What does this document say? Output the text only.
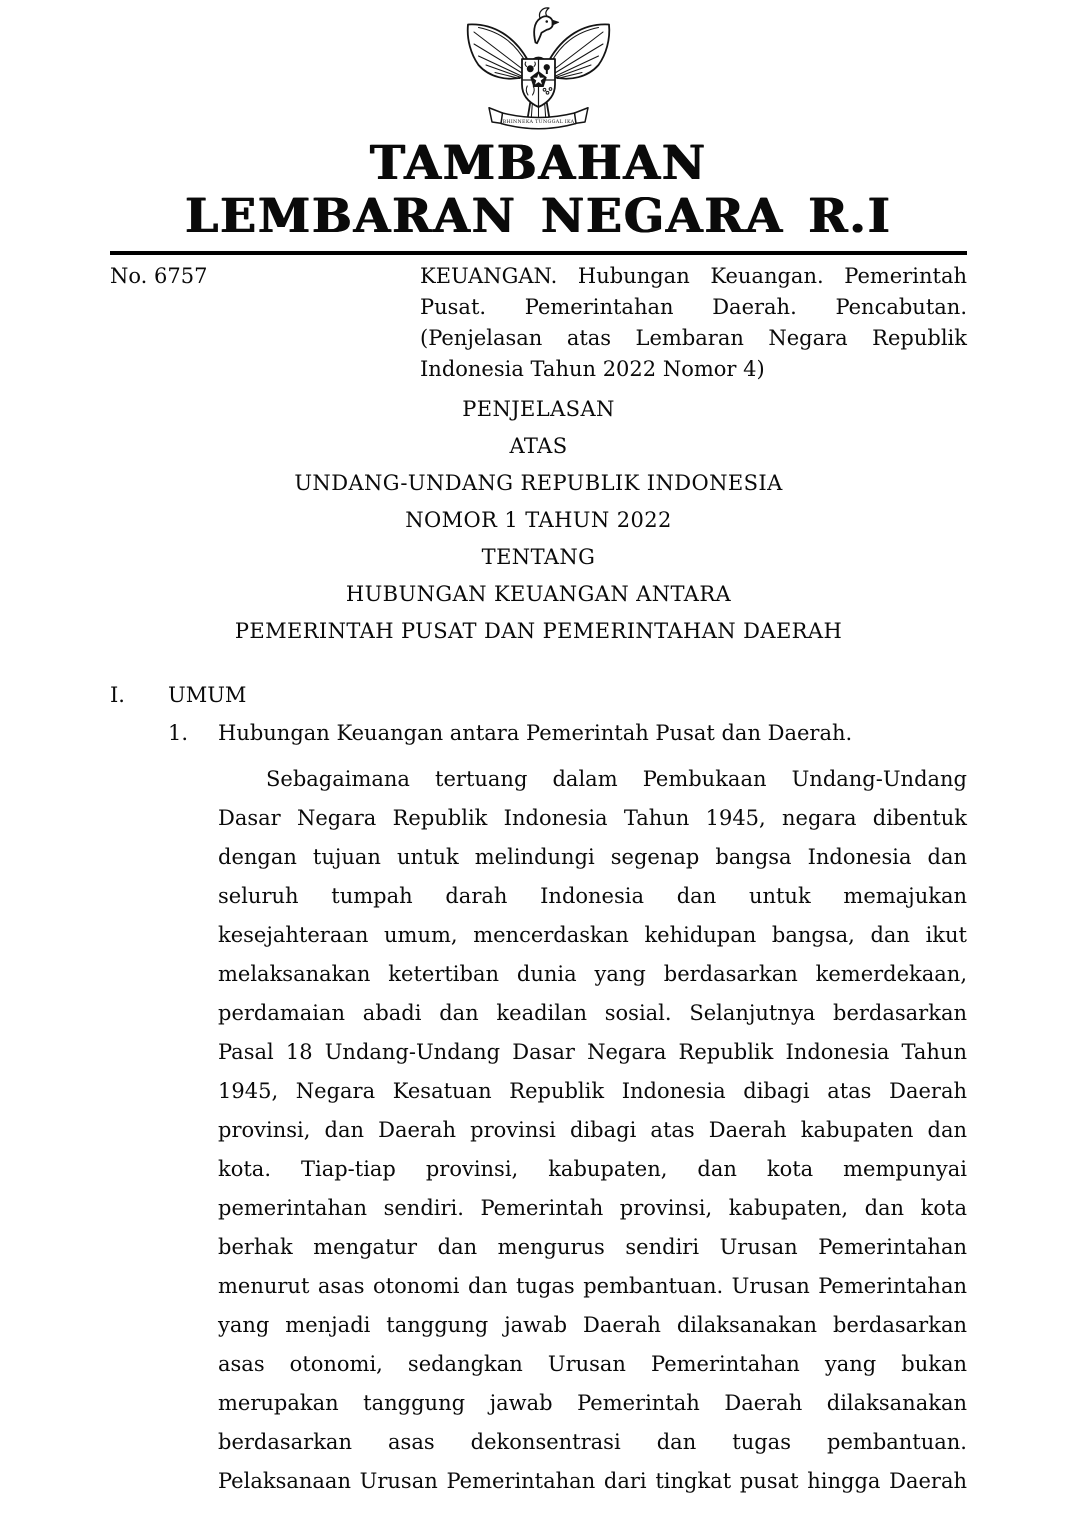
BHINNEKA TUNGGAL IKA
TAMBAHAN
LEMBARAN NEGARA R.I
No. 6757	KEUANGAN. Hubungan Keuangan. Pemerintah
Pusat. Pemerintahan Daerah. Pencabutan.
(Penjelasan atas Lembaran Negara Republik
Indonesia Tahun 2022 Nomor 4)
PENJELASAN
ATAS
UNDANG-UNDANG REPUBLIK INDONESIA
NOMOR 1 TAHUN 2022
TENTANG
HUBUNGAN KEUANGAN ANTARA
PEMERINTAH PUSAT DAN PEMERINTAHAN DAERAH
I.	UMUM
1.	Hubungan Keuangan antara Pemerintah Pusat dan Daerah.
Sebagaimana tertuang dalam Pembukaan Undang-Undang
Dasar Negara Republik Indonesia Tahun 1945, negara dibentuk
dengan tujuan untuk melindungi segenap bangsa Indonesia dan
seluruh tumpah darah Indonesia dan untuk memajukan
kesejahteraan umum, mencerdaskan kehidupan bangsa, dan ikut
melaksanakan ketertiban dunia yang berdasarkan kemerdekaan,
perdamaian abadi dan keadilan sosial. Selanjutnya berdasarkan
Pasal 18 Undang-Undang Dasar Negara Republik Indonesia Tahun
1945, Negara Kesatuan Republik Indonesia dibagi atas Daerah
provinsi, dan Daerah provinsi dibagi atas Daerah kabupaten dan
kota. Tiap-tiap provinsi, kabupaten, dan kota mempunyai
pemerintahan sendiri. Pemerintah provinsi, kabupaten, dan kota
berhak mengatur dan mengurus sendiri Urusan Pemerintahan
menurut asas otonomi dan tugas pembantuan. Urusan Pemerintahan
yang menjadi tanggung jawab Daerah dilaksanakan berdasarkan
asas otonomi, sedangkan Urusan Pemerintahan yang bukan
merupakan tanggung jawab Pemerintah Daerah dilaksanakan
berdasarkan asas dekonsentrasi dan tugas pembantuan.
Pelaksanaan Urusan Pemerintahan dari tingkat pusat hingga Daerah
